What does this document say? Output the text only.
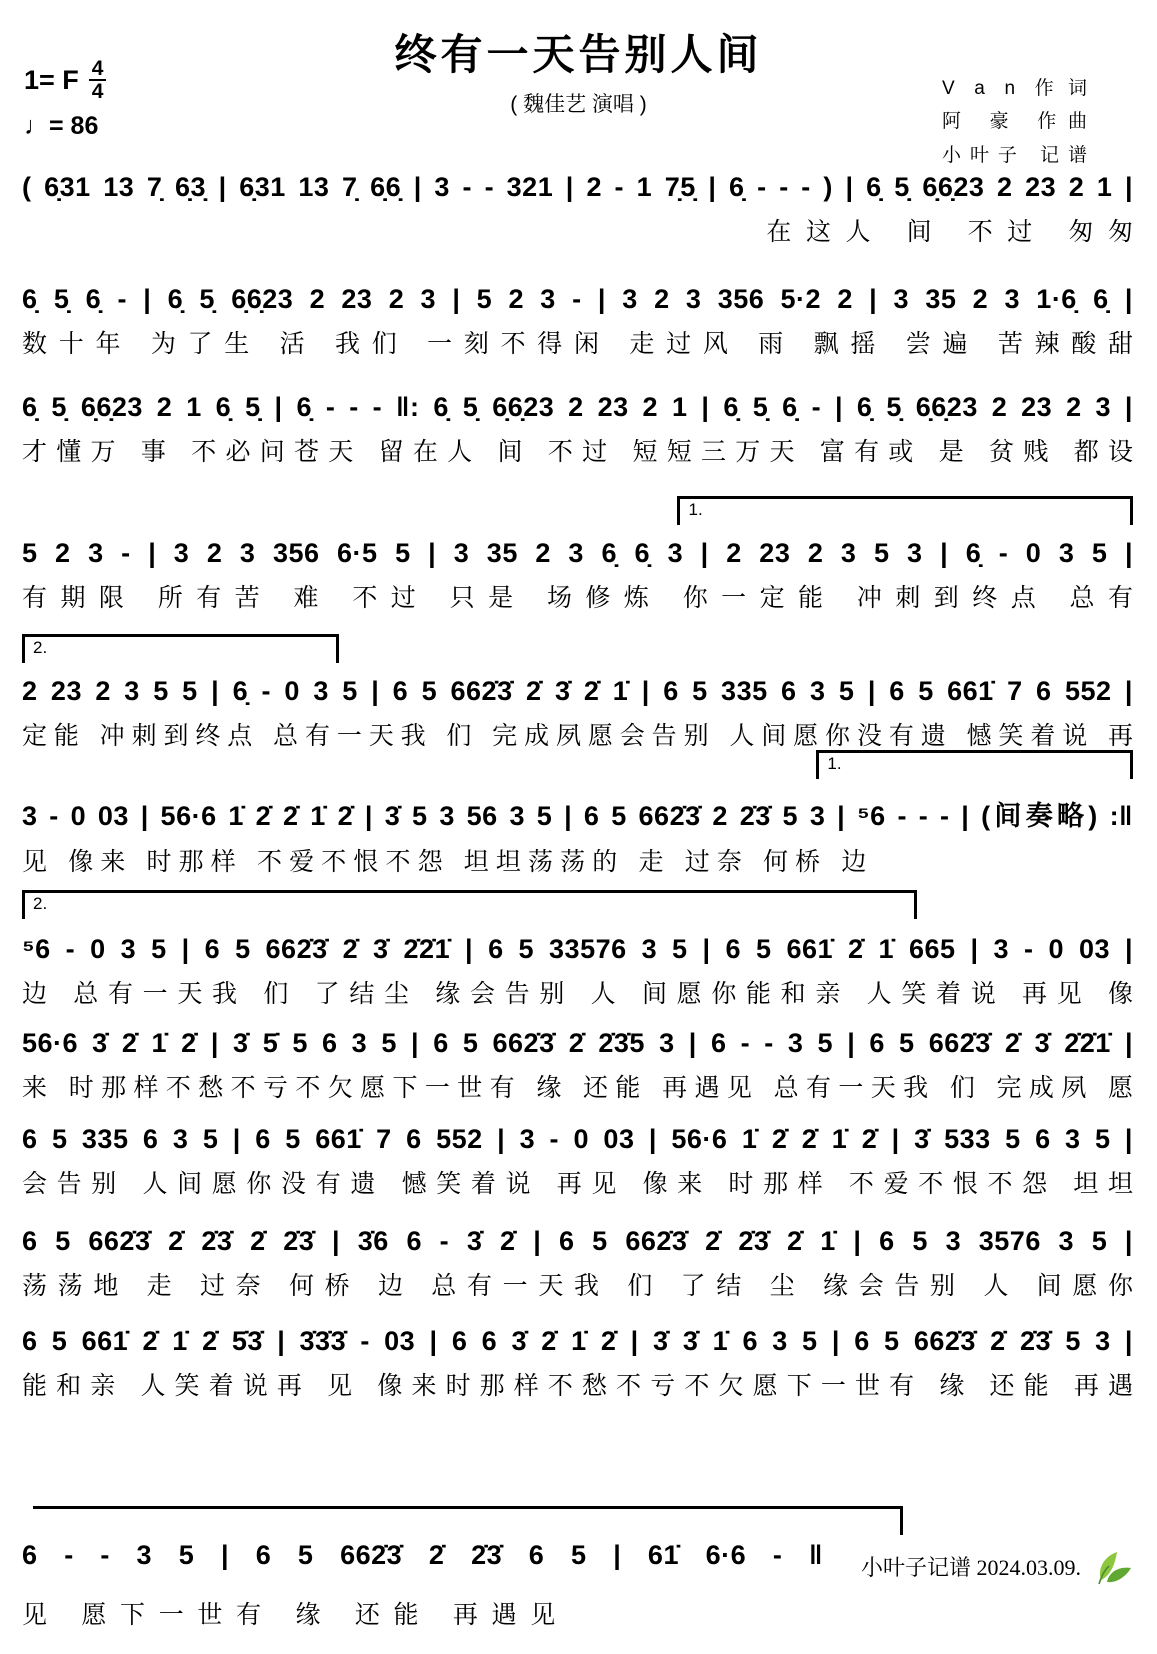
终有一天告别人间
( 魏佳艺 演唱 )
1= F $\frac{4}{4}$
♩= 86
V a n 作词
阿 豪 作曲
小叶子 记谱
( 6̣31 13 7̣ 6̣3̣ | 6̣31 13 7̣ 6̣6̣ | 3 - - 321 | 2 - 1 7̣5̣ | 6̣ - - - ) | 6̣ 5̣ 6̣6̣23 2 23 2 1 |
在这人 间 不过 匆匆
6̣ 5̣ 6̣ - | 6̣ 5̣ 6̣6̣23 2 23 2 3 | 5 2 3 - | 3 2 3 356 5·2 2 | 3 35 2 3 1·6̣ 6̣ |
数十年 为了生 活 我们 一刻不得闲 走过风 雨 飘摇 尝遍 苦辣酸甜
6̣ 5̣ 6̣6̣23 2 1 6̣ 5̣ | 6̣ - - - ‖: 6̣ 5̣ 6̣6̣23 2 23 2 1 | 6̣ 5̣ 6̣ - | 6̣ 5̣ 6̣6̣23 2 23 2 3 |
才懂万 事 不必问苍天 留在人 间 不过 短短三万天 富有或 是 贫贱 都设
1.
5 2 3 - | 3 2 3 356 6·5 5 | 3 35 2 3 6̣ 6̣ 3 | 2 23 2 3 5 3 | 6̣ - 0 3 5 |
有期限 所有苦 难 不过 只是 场修炼 你一定能 冲刺到终点 总有
2.
2 23 2 3 5 5 | 6̣ - 0 3 5 | 6 5 662̇3̇ 2̇ 3̇ 2̇ 1̇ | 6 5 335 6 3 5 | 6 5 661̇ 7 6 552 |
定能 冲刺到终点 总有一天我 们 完成夙愿会告别 人间愿你没有遗 憾笑着说 再
1.
3 - 0 03 | 56·6 1̇ 2̇ 2̇ 1̇ 2̇ | 3̇ 5 3 56 3 5 | 6 5 662̇3̇ 2 2̇3̇ 5 3 | ⁵6 - - - | (间奏略) :‖
见 像来 时那样 不爱不恨不怨 坦坦荡荡的 走 过奈 何桥 边
2.
⁵6 - 0 3 5 | 6 5 662̇3̇ 2̇ 3̇ 2̇2̇1̇ | 6 5 33576 3 5 | 6 5 661̇ 2̇ 1̇ 665 | 3 - 0 03 |
边 总有一天我 们 了结尘 缘会告别 人 间愿你能和亲 人笑着说 再见 像
56·6 3̇ 2̇ 1̇ 2̇ | 3̇ 5̇ 5 6 3 5 | 6 5 662̇3̇ 2̇ 2̇3̇5 3 | 6 - - 3 5 | 6 5 662̇3̇ 2̇ 3̇ 2̇2̇1̇ |
来 时那样不愁不亏不欠愿下一世有 缘 还能 再遇见 总有一天我 们 完成夙 愿
6 5 335 6 3 5 | 6 5 661̇ 7 6 552 | 3 - 0 03 | 56·6 1̇ 2̇ 2̇ 1̇ 2̇ | 3̇ 533 5 6 3 5 |
会告别 人间愿你没有遗 憾笑着说 再见 像来 时那样 不爱不恨不怨 坦坦
6 5 662̇3̇ 2̇ 2̇3̇ 2̇ 2̇3̇ | 3̇6 6 - 3̇ 2̇ | 6 5 662̇3̇ 2̇ 2̇3̇ 2̇ 1̇ | 6 5 3 3576 3 5 |
荡荡地 走 过奈 何桥 边 总有一天我 们 了结 尘 缘会告别 人 间愿你
6 5 661̇ 2̇ 1̇ 2̇ 5̇3̇ | 3̇3̇3̇ - 03 | 6 6 3̇ 2̇ 1̇ 2̇ | 3̇ 3̇ 1̇ 6 3 5 | 6 5 662̇3̇ 2̇ 2̇3̇ 5 3 |
能和亲 人笑着说再 见 像来时那样不愁不亏不欠愿下一世有 缘 还能 再遇
6 - - 3 5 | 6 5 662̇3̇ 2̇ 2̇3̇ 6 5 | 61̇ 6·6 - ‖ 小叶子记谱 2024.03.09.
见 愿下一世有 缘 还能 再遇见
